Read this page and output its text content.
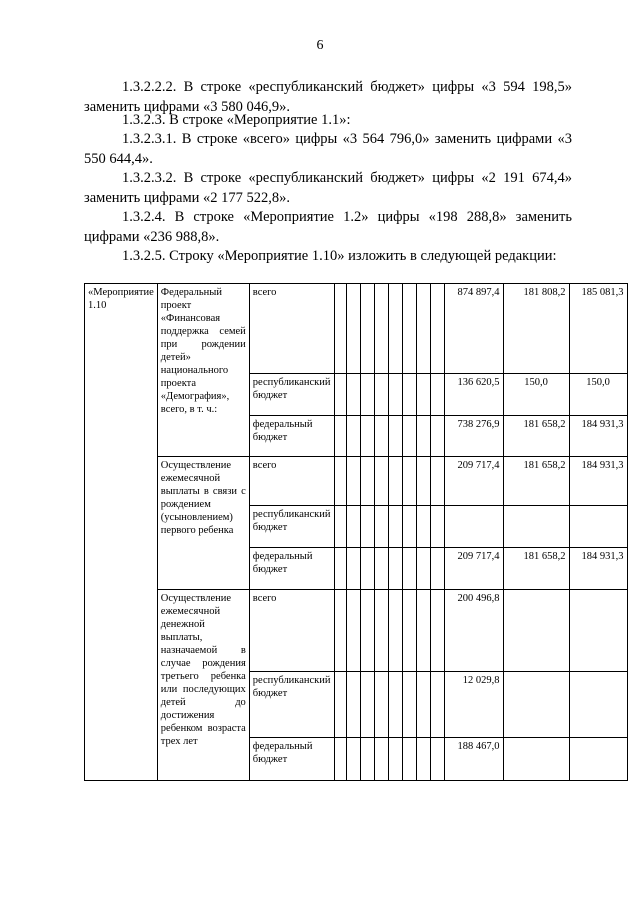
6
1.3.2.2.2. В строке «республиканский бюджет» цифры «3 594 198,5» заменить цифрами «3 580 046,9».
1.3.2.3. В строке «Мероприятие 1.1»:
1.3.2.3.1. В строке «всего» цифры «3 564 796,0» заменить цифрами «3 550 644,4».
1.3.2.3.2. В строке «республиканский бюджет» цифры «2 191 674,4» заменить цифрами «2 177 522,8».
1.3.2.4. В строке «Мероприятие 1.2» цифры «198 288,8» заменить цифрами «236 988,8».
1.3.2.5. Строку «Мероприятие 1.10» изложить в следующей редакции:
«Мероприятие 1.10	Федеральный проект «Финансовая поддержка семей при рождении детей» национального проекта «Демография», всего, в т. ч.:	всего									874 897,4	181 808,2	185 081,3
		республиканский бюджет									136 620,5	150,0	150,0
		федеральный бюджет									738 276,9	181 658,2	184 931,3
	Осуществление ежемесячной выплаты в связи с рождением (усыновлением) первого ребенка	всего									209 717,4	181 658,2	184 931,3
		республиканский бюджет											
		федеральный бюджет									209 717,4	181 658,2	184 931,3
	Осуществление ежемесячной денежной выплаты, назначаемой в случае рождения третьего ребенка или последующих детей до достижения ребенком возраста трех лет	всего									200 496,8		
		республиканский бюджет									12 029,8		
		федеральный бюджет									188 467,0		
